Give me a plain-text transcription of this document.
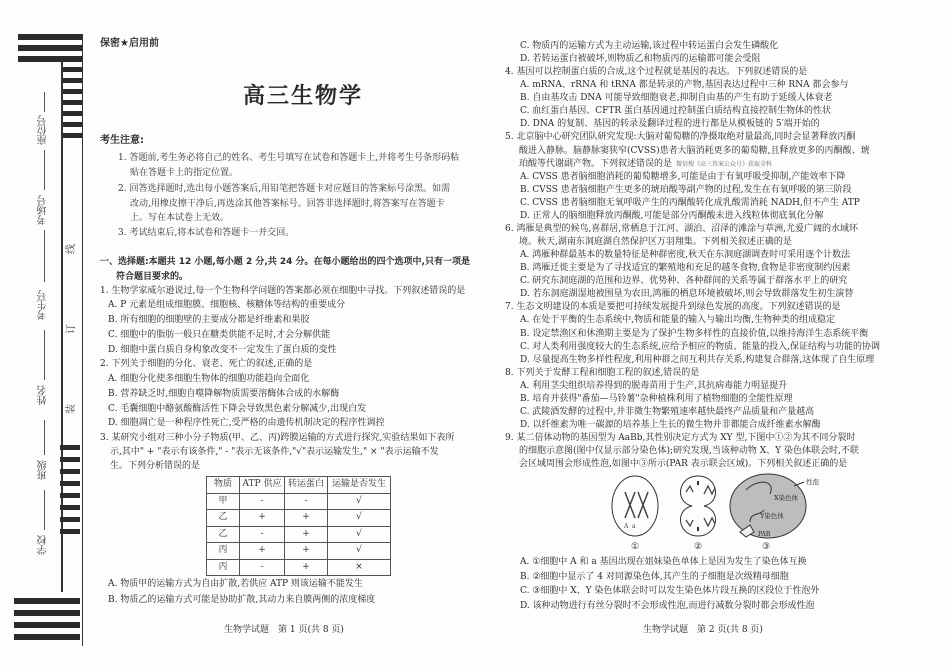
座位号
考场号
考生号
姓名
班级
学校
线
订
装
保密★启用前
高三生物学
考生注意:
1. 答题前,考生务必将自己的姓名、考生号填写在试卷和答题卡上,并将考生号条形码粘
贴在答题卡上的指定位置。
2. 回答选择题时,选出每小题答案后,用铅笔把答题卡对应题目的答案标号涂黑。如需
改动,用橡皮擦干净后,再选涂其他答案标号。回答非选择题时,将答案写在答题卡
上。写在本试卷上无效。
3. 考试结束后,将本试卷和答题卡一并交回。
一、选择题:本题共 12 小题,每小题 2 分,共 24 分。在每小题给出的四个选项中,只有一项是
符合题目要求的。
1. 生物学家威尔逊说过,每一个生物科学问题的答案都必须在细胞中寻找。下列叙述错误的是
A. P 元素是组成细胞膜、细胞核、核糖体等结构的重要成分
B. 所有细胞的细胞壁的主要成分都是纤维素和果胶
C. 细胞中的脂肪一般只在糖类供能不足时,才会分解供能
D. 细胞中蛋白质自身构象改变不一定发生了蛋白质的变性
2. 下列关于细胞的分化、衰老、死亡的叙述,正确的是
A. 细胞分化使多细胞生物体的细胞功能趋向全面化
B. 营养缺乏时,细胞自噬降解物质需要溶酶体合成的水解酶
C. 毛囊细胞中酪氨酸酶活性下降会导致黑色素分解减少,出现白发
D. 细胞凋亡是一种程序性死亡,受严格的由遗传机制决定的程序性调控
3. 某研究小组对三种小分子物质(甲、乙、丙)跨膜运输的方式进行探究,实验结果如下表所
示,其中" + "表示有该条件," - "表示无该条件,"√"表示运输发生," × "表示运输不发
生。下列分析错误的是
物质	ATP 供应	转运蛋白	运输是否发生
甲	-	-	√
乙	+	+	√
乙	-	+	√
丙	+	+	√
丙	-	+	×
A. 物质甲的运输方式为自由扩散,若供应 ATP 则该运输不能发生
B. 物质乙的运输方式可能是协助扩散,其动力来自膜两侧的浓度梯度
生物学试题　第 1 页(共 8 页)
C. 物质丙的运输方式为主动运输,该过程中转运蛋白会发生磷酸化
D. 若转运蛋白被破坏,则物质乙和物质丙的运输都可能会受阻
4. 基因可以控制蛋白质的合成,这个过程就是基因的表达。下列叙述错误的是
A. mRNA、rRNA 和 tRNA 都是转录的产物,基因表达过程中三种 RNA 都会参与
B. 自由基攻击 DNA 可能导致细胞衰老,抑制自由基的产生有助于延缓人体衰老
C. 血红蛋白基因、CFTR 蛋白基因通过控制蛋白质结构直接控制生物体的性状
D. DNA 的复制、基因的转录及翻译过程的进行都是从模板链的 5′端开始的
5. 北京脑中心研究团队研究发现:大脑对葡萄糖的净摄取绝对量最高,同时会显著释放丙酮
酸进入静脉。脑静脉窦狭窄(CVSS)患者大脑消耗更多的葡萄糖,且释放更多的丙酮酸、琥
珀酸等代谢副产物。下列叙述错误的是 微信搜《高三答案公众号》获取全科
A. CVSS 患者脑细胞消耗的葡萄糖增多,可能是由于有氧呼吸受抑制,产能效率下降
B. CVSS 患者脑细胞产生更多的琥珀酸等副产物的过程,发生在有氧呼吸的第三阶段
C. CVSS 患者脑细胞无氧呼吸产生的丙酮酸转化成乳酸需消耗 NADH,但不产生 ATP
D. 正常人的脑细胞释放丙酮酸,可能是部分丙酮酸未进入线粒体彻底氧化分解
6. 鸿雁是典型的候鸟,喜群居,常栖息于江河、湖泊、沼泽的滩涂与草洲,尤爱广阔的水域环
境。秋天,湖南东洞庭湖自然保护区万羽翔集。下列相关叙述正确的是
A. 鸿雁种群最基本的数量特征是种群密度,秋天在东洞庭湖调查时可采用逐个计数法
B. 鸿雁迁徙主要是为了寻找适宜的繁殖地和充足的越冬食物,食物是非密度制约因素
C. 研究东洞庭湖的范围和边界、优势种、各种群间的关系等属于群落水平上的研究
D. 若东洞庭湖湿地被围垦为农田,鸿雁的栖息环境被破坏,则会导致群落发生初生演替
7. 生态文明建设的本质是要把可持续发展提升到绿色发展的高度。下列叙述错误的是
A. 在处于平衡的生态系统中,物质和能量的输入与输出均衡,生物种类的组成稳定
B. 设定禁渔区和休渔期主要是为了保护生物多样性的直接价值,以维持海洋生态系统平衡
C. 对人类利用强度较大的生态系统,应给予相应的物质、能量的投入,保证结构与功能的协调
D. 尽量提高生物多样性程度,利用种群之间互利共存关系,构建复合群落,这体现了自生原理
8. 下列关于发酵工程和细胞工程的叙述,错误的是
A. 利用茎尖组织培养得到的脱毒苗用于生产,其抗病毒能力明显提升
B. 培育并获得"番茄—马铃薯"杂种植株利用了植物细胞的全能性原理
C. 武陵酒发酵的过程中,并非微生物繁殖速率越快最终产品质量和产量越高
D. 以纤维素为唯一碳源的培养基上生长的微生物并非都能合成纤维素水解酶
9. 某二倍体动物的基因型为 AaBb,其性别决定方式为 XY 型,下图中①②为其不同分裂时
的细胞示意图(图中仅显示部分染色体);研究发现,当该种动物 X、Y 染色体联会时,不联
会区域周围会形成性泡,如图中③所示(PAR 表示联会区域)。下列相关叙述正确的是
A a
X染色体
Y染色体
PAR
性泡
①	②	③
A. ①细胞中 A 和 a 基因出现在姐妹染色单体上是因为发生了染色体互换
B. ②细胞中显示了 4 对同源染色体,其产生的子细胞是次级精母细胞
C. ③细胞中 X、Y 染色体联会时可以发生染色体片段互换的区段位于性泡外
D. 该种动物进行有丝分裂时不会形成性泡,而进行减数分裂时都会形成性泡
生物学试题　第 2 页(共 8 页)
